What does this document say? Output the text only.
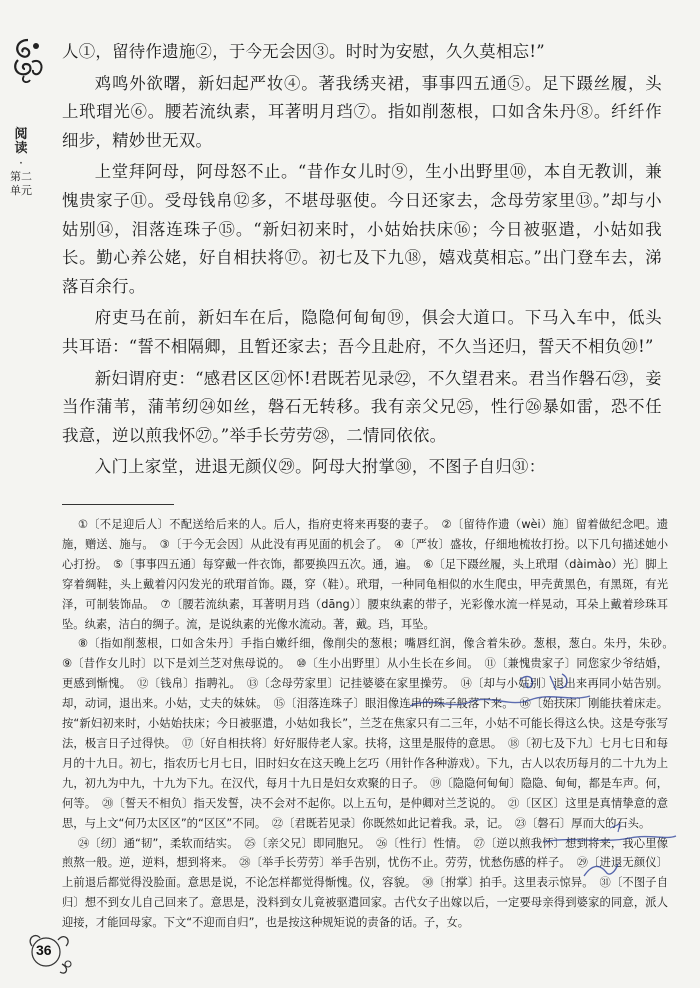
阅读
·
第二单元

人①，留待作遗施②，于今无会因③。时时为安慰，久久莫相忘!”

鸡鸣外欲曙，新妇起严妆④。著我绣夹裙，事事四五通⑤。足下蹑丝履，头上玳瑁光⑥。腰若流纨素，耳著明月珰⑦。指如削葱根，口如含朱丹⑧。纤纤作细步，精妙世无双。

上堂拜阿母，阿母怒不止。“昔作女儿时⑨，生小出野里⑩，本自无教训，兼愧贵家子⑪。受母钱帛⑫多，不堪母驱使。今日还家去，念母劳家里⑬。”却与小姑别⑭，泪落连珠子⑮。“新妇初来时，小姑始扶床⑯；今日被驱遣，小姑如我长。勤心养公姥，好自相扶将⑰。初七及下九⑱，嬉戏莫相忘。”出门登车去，涕落百余行。

府吏马在前，新妇车在后，隐隐何甸甸⑲，俱会大道口。下马入车中，低头共耳语：“誓不相隔卿，且暂还家去；吾今且赴府，不久当还归，誓天不相负⑳!”

新妇谓府吏：“感君区区㉑怀!君既若见录㉒，不久望君来。君当作磐石㉓，妾当作蒲苇，蒲苇纫㉔如丝，磐石无转移。我有亲父兄㉕，性行㉖暴如雷，恐不任我意，逆以煎我怀㉗。”举手长劳劳㉘，二情同依依。

入门上家堂，进退无颜仪㉙。阿母大拊掌㉚，不图子自归㉛：

①〔不足迎后人〕不配送给后来的人。后人，指府吏将来再娶的妻子。　②〔留待作遗（wèi）施〕留着做纪念吧。遗施，赠送、施与。　③〔于今无会因〕从此没有再见面的机会了。　④〔严妆〕盛妆，仔细地梳妆打扮。以下几句描述她小心打扮。　⑤〔事事四五通〕每穿戴一件衣饰，都要换四五次。通，遍。　⑥〔足下蹑丝履，头上玳瑁（dàimào）光〕脚上穿着绸鞋，头上戴着闪闪发光的玳瑁首饰。蹑，穿（鞋）。玳瑁，一种同龟相似的水生爬虫，甲壳黄黑色，有黑斑，有光泽，可制装饰品。　⑦〔腰若流纨素，耳著明月珰（dāng）〕腰束纨素的带子，光彩像水流一样晃动，耳朵上戴着珍珠耳坠。纨素，洁白的绸子。流，是说纨素的光像水流动。著，戴。珰，耳坠。

⑧〔指如削葱根，口如含朱丹〕手指白嫩纤细，像削尖的葱根；嘴唇红润，像含着朱砂。葱根，葱白。朱丹，朱砂。　⑨〔昔作女儿时〕以下是刘兰芝对焦母说的。　⑩〔生小出野里〕从小生长在乡间。　⑪〔兼愧贵家子〕同您家少爷结婚，更感到惭愧。　⑫〔钱帛〕指聘礼。　⑬〔念母劳家里〕记挂婆婆在家里操劳。　⑭〔却与小姑别〕退出来再同小姑告别。却，动词，退出来。小姑，丈夫的妹妹。　⑮〔泪落连珠子〕眼泪像连串的珠子般落下来。　⑯〔始扶床〕刚能扶着床走。按“新妇初来时，小姑始扶床；今日被驱遣，小姑如我长”，兰芝在焦家只有二三年，小姑不可能长得这么快。这是夸张写法，极言日子过得快。　⑰〔好自相扶将〕好好服侍老人家。扶将，这里是服侍的意思。　⑱〔初七及下九〕七月七日和每月的十九日。初七，指农历七月七日，旧时妇女在这天晚上乞巧（用针作各种游戏）。下九，古人以农历每月的二十九为上九，初九为中九，十九为下九。在汉代，每月十九日是妇女欢聚的日子。　⑲〔隐隐何甸甸〕隐隐、甸甸，都是车声。何，何等。　⑳〔誓天不相负〕指天发誓，决不会对不起你。以上五句，是仲卿对兰芝说的。　㉑〔区区〕这里是真情挚意的意思，与上文“何乃太区区”的“区区”不同。　㉒〔君既若见录〕你既然如此记着我。录，记。　㉓〔磐石〕厚而大的石头。

㉔〔纫〕通“韧”，柔软而结实。　㉕〔亲父兄〕即同胞兄。　㉖〔性行〕性情。　㉗〔逆以煎我怀〕想到将来，我心里像煎熬一般。逆，逆料，想到将来。　㉘〔举手长劳劳〕举手告别，忧伤不止。劳劳，忧愁伤感的样子。　㉙〔进退无颜仪〕上前退后都觉得没脸面。意思是说，不论怎样都觉得惭愧。仪，容貌。　㉚〔拊掌〕拍手。这里表示惊异。　㉛〔不图子自归〕想不到女儿自己回来了。意思是，没料到女儿竟被驱遣回家。古代女子出嫁以后，一定要母亲得到婆家的同意，派人迎接，才能回母家。下文“不迎而自归”，也是按这种规矩说的责备的话。子，女。

36
